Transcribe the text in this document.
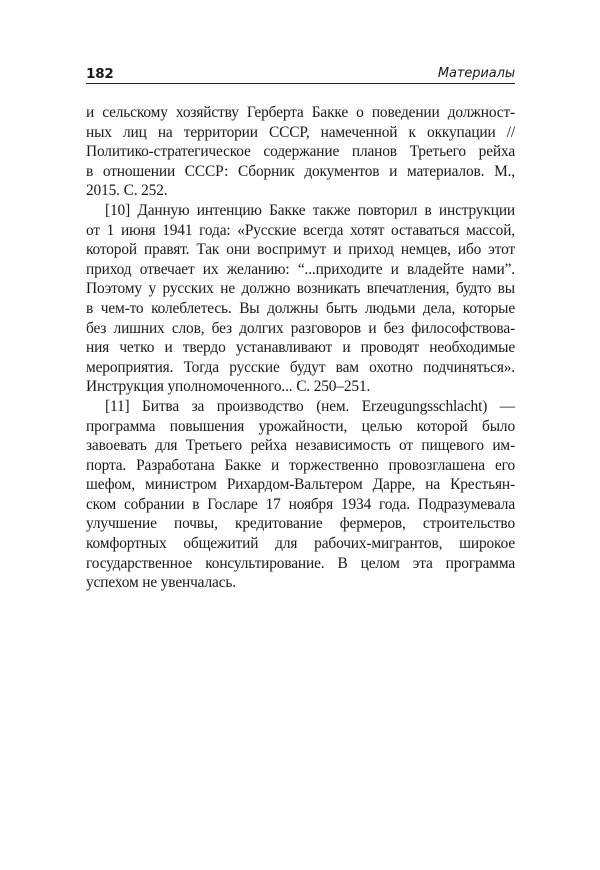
182	Материалы

и сельскому хозяйству Герберта Бакке о поведении должност-
ных лиц на территории СССР, намеченной к оккупации //
Политико-стратегическое содержание планов Третьего рейха
в отношении СССР: Сборник документов и материалов. М.,
2015. С. 252.

[10] Данную интенцию Бакке также повторил в инструкции
от 1 июня 1941 года: «Русские всегда хотят оставаться массой,
которой правят. Так они воспримут и приход немцев, ибо этот
приход отвечает их желанию: “...приходите и владейте нами”.
Поэтому у русских не должно возникать впечатления, будто вы
в чем-то колеблетесь. Вы должны быть людьми дела, которые
без лишних слов, без долгих разговоров и без философствова-
ния четко и твердо устанавливают и проводят необходимые
мероприятия. Тогда русские будут вам охотно подчиняться».
Инструкция уполномоченного... С. 250–251.

[11] Битва за производство (нем. Erzeugungsschlacht) —
программа повышения урожайности, целью которой было
завоевать для Третьего рейха независимость от пищевого им-
порта. Разработана Бакке и торжественно провозглашена его
шефом, министром Рихардом-Вальтером Дарре, на Крестьян-
ском собрании в Госларе 17 ноября 1934 года. Подразумевала
улучшение почвы, кредитование фермеров, строительство
комфортных общежитий для рабочих-мигрантов, широкое
государственное консультирование. В целом эта программа
успехом не увенчалась.
